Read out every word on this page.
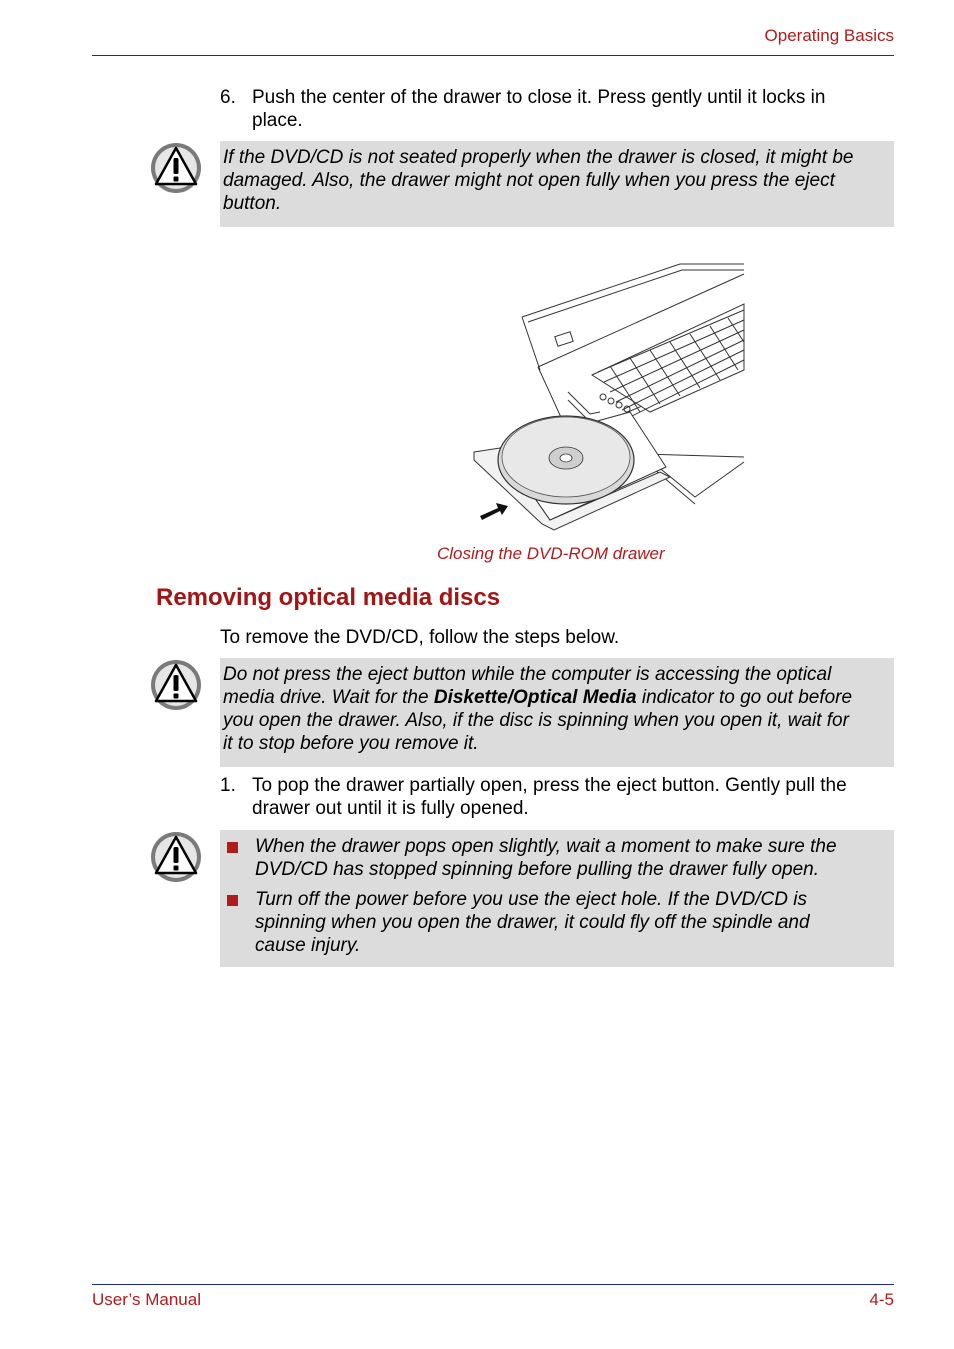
Operating Basics
6. Push the center of the drawer to close it. Press gently until it locks in
place.
If the DVD/CD is not seated properly when the drawer is closed, it might be
damaged. Also, the drawer might not open fully when you press the eject
button.
Closing the DVD-ROM drawer
Removing optical media discs
To remove the DVD/CD, follow the steps below.
Do not press the eject button while the computer is accessing the optical
media drive. Wait for the Diskette/Optical Media indicator to go out before
you open the drawer. Also, if the disc is spinning when you open it, wait for
it to stop before you remove it.
1. To pop the drawer partially open, press the eject button. Gently pull the
drawer out until it is fully opened.
When the drawer pops open slightly, wait a moment to make sure the
DVD/CD has stopped spinning before pulling the drawer fully open.
Turn off the power before you use the eject hole. If the DVD/CD is
spinning when you open the drawer, it could fly off the spindle and
cause injury.
User’s Manual	4-5
